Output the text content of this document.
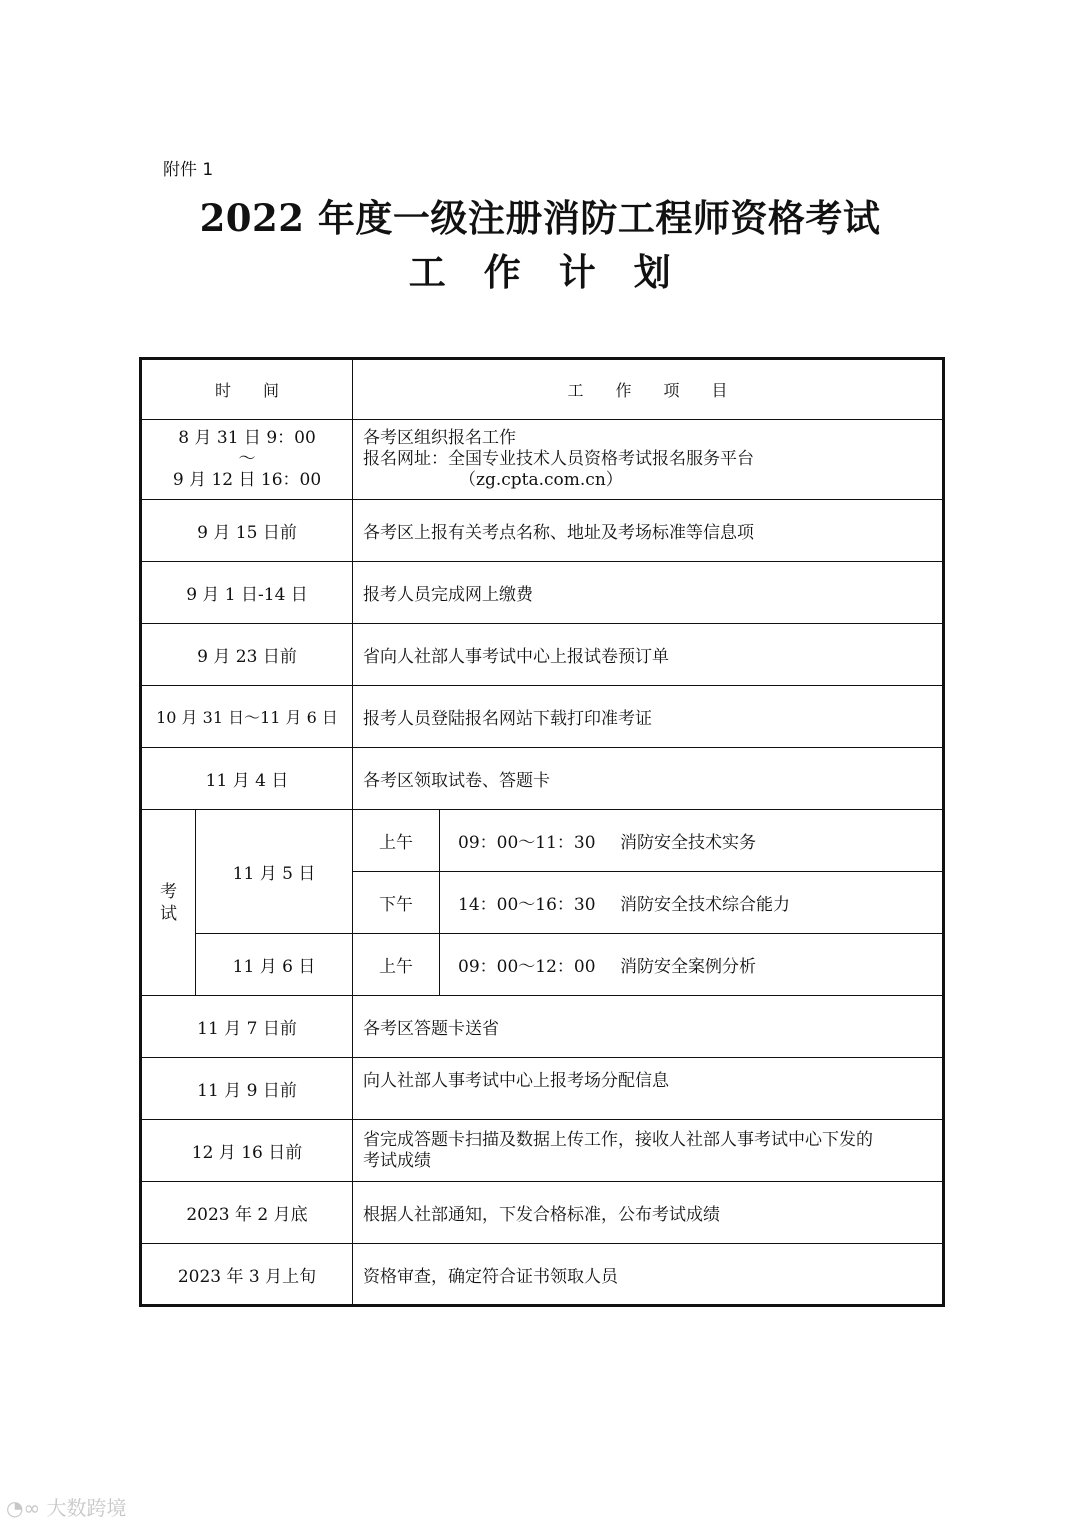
附件 1
2022 年度一级注册消防工程师资格考试
工　作　计　划
时　　间		工　　作　　项　　目	

8 月 31 日 9：00
～
9 月 12 日 16：00		各考区组织报名工作
报名网址：全国专业技术人员资格考试报名服务平台
（zg.cpta.com.cn）	

9 月 15 日前		各考区上报有关考点名称、地址及考场标准等信息项	
9 月 1 日-14 日		报考人员完成网上缴费	
9 月 23 日前		省向人社部人事考试中心上报试卷预订单	
10 月 31 日～11 月 6 日		报考人员登陆报名网站下载打印准考证	
11 月 4 日		各考区领取试卷、答题卡	

考
试	11 月 5 日	上午	09：00～11：30 消防安全技术实务
		下午	14：00～16：30 消防安全技术综合能力
	11 月 6 日	上午	09：00～12：00 消防安全案例分析
11 月 7 日前		各考区答题卡送省	
11 月 9 日前		向人社部人事考试中心上报考场分配信息	
12 月 16 日前		省完成答题卡扫描及数据上传工作，接收人社部人事考试中心下发的
考试成绩	

2023 年 2 月底		根据人社部通知，下发合格标准，公布考试成绩	
2023 年 3 月上旬		资格审查，确定符合证书领取人员	
◔∞ 大数跨境
